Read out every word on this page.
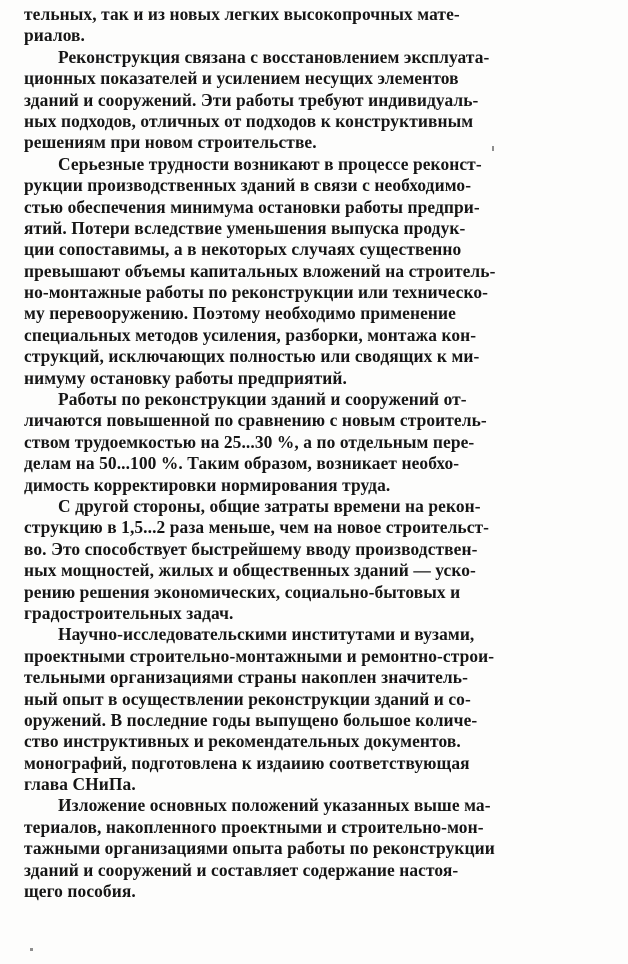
тельных, так и из новых легких высокопрочных мате-
риалов.
Реконструкция связана с восстановлением эксплуата-
ционных показателей и усилением несущих элементов
зданий и сооружений. Эти работы требуют индивидуаль-
ных подходов, отличных от подходов к конструктивным
решениям при новом строительстве.
Серьезные трудности возникают в процессе реконст-
рукции производственных зданий в связи с необходимо-
стью обеспечения минимума остановки работы предпри-
ятий. Потери вследствие уменьшения выпуска продук-
ции сопоставимы, а в некоторых случаях существенно
превышают объемы капитальных вложений на строитель-
но-монтажные работы по реконструкции или техническо-
му перевооружению. Поэтому необходимо применение
специальных методов усиления, разборки, монтажа кон-
струкций, исключающих полностью или сводящих к ми-
нимуму остановку работы предприятий.
Работы по реконструкции зданий и сооружений от-
личаются повышенной по сравнению с новым строитель-
ством трудоемкостью на 25...30 %, а по отдельным пере-
делам на 50...100 %. Таким образом, возникает необхо-
димость корректировки нормирования труда.
С другой стороны, общие затраты времени на рекон-
струкцию в 1,5...2 раза меньше, чем на новое строительст-
во. Это способствует быстрейшему вводу производствен-
ных мощностей, жилых и общественных зданий — уско-
рению решения экономических, социально-бытовых и
градостроительных задач.
Научно-исследовательскими институтами и вузами,
проектными строительно-монтажными и ремонтно-строи-
тельными организациями страны накоплен значитель-
ный опыт в осуществлении реконструкции зданий и со-
оружений. В последние годы выпущено большое количе-
ство инструктивных и рекомендательных документов.
монографий, подготовлена к издаиию соответствующая
глава СНиПа.
Изложение основных положений указанных выше ма-
териалов, накопленного проектными и строительно-мон-
тажными организациями опыта работы по реконструкции
зданий и сооружений и составляет содержание настоя-
щего пособия.
